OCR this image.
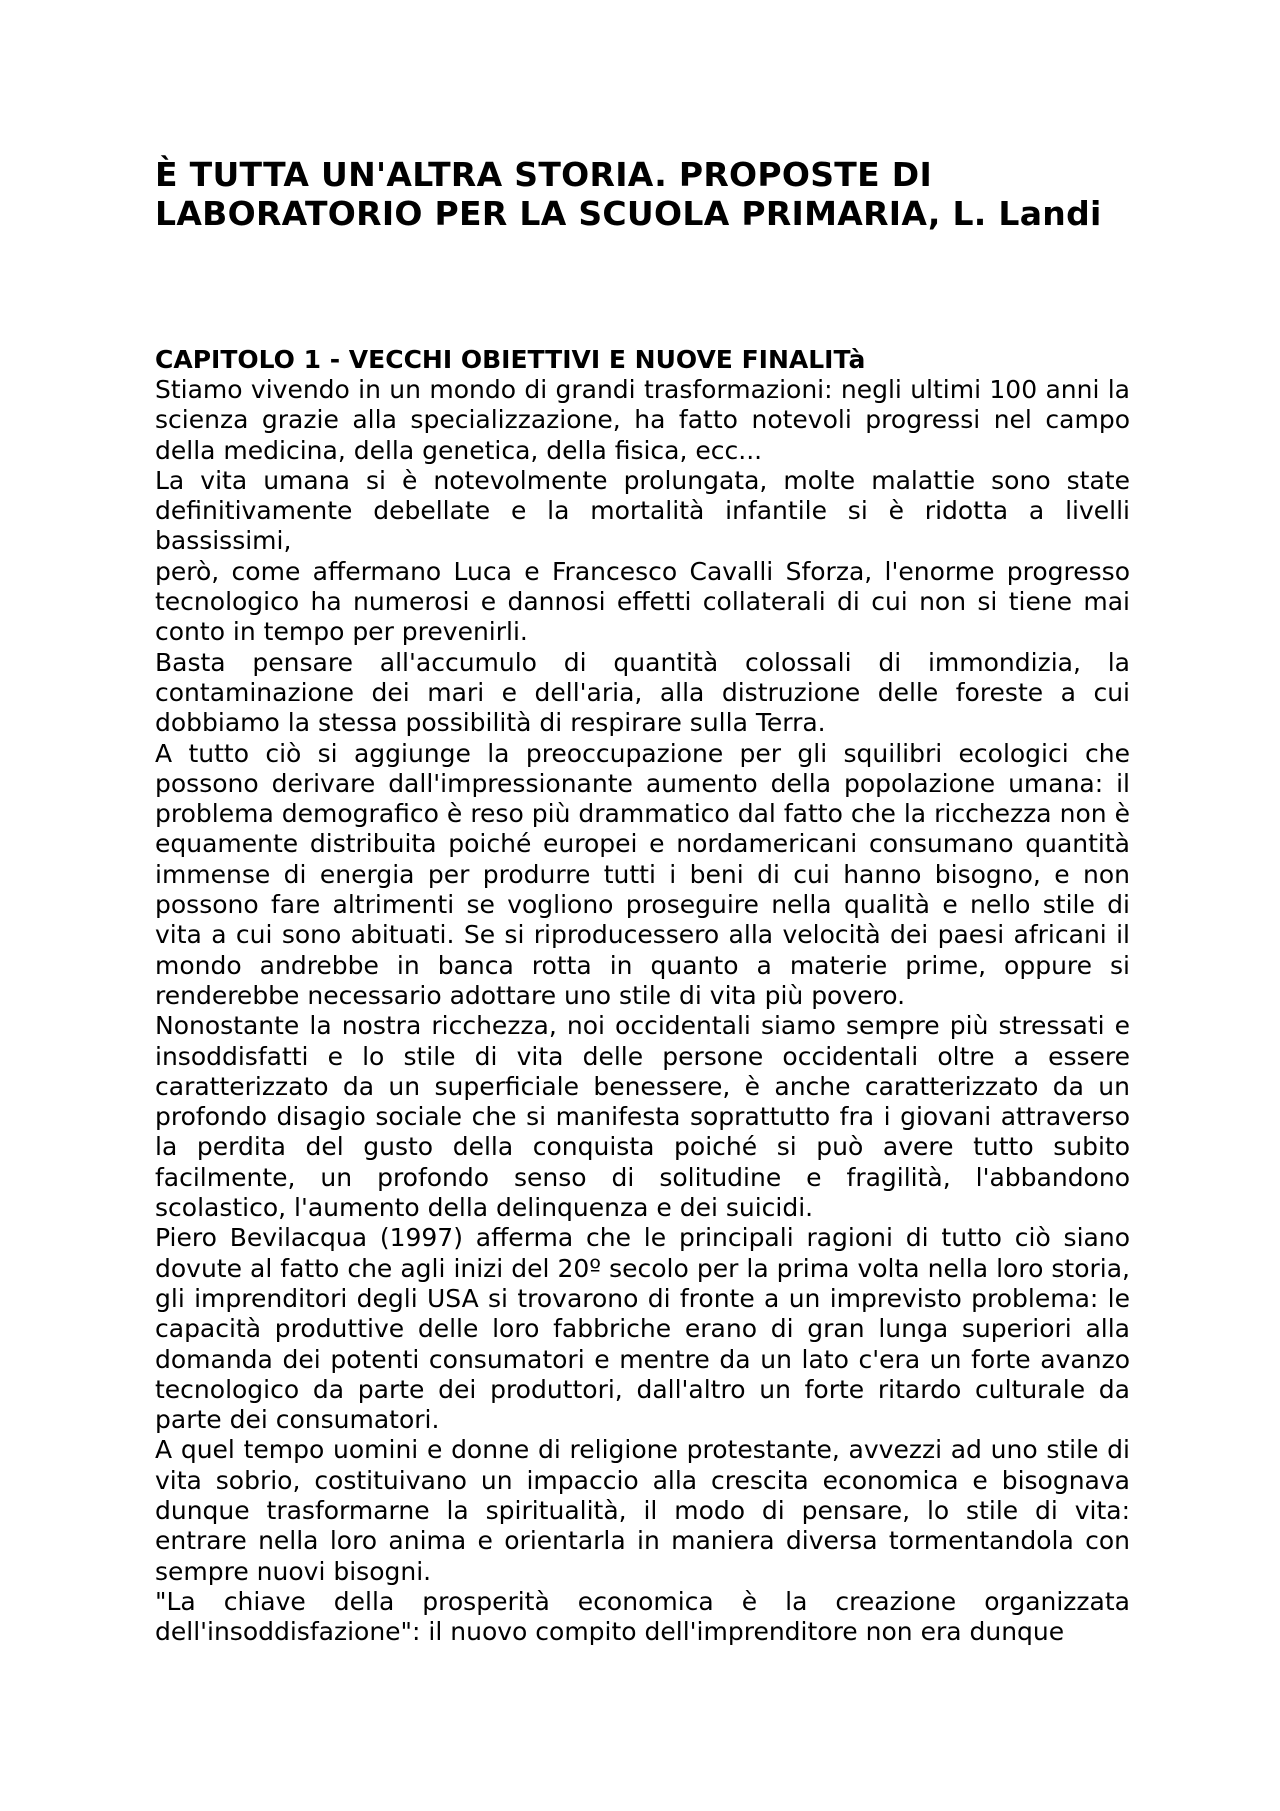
È TUTTA UN'ALTRA STORIA. PROPOSTE DI LABORATORIO PER LA SCUOLA PRIMARIA, L. Landi
CAPITOLO 1 - VECCHI OBIETTIVI E NUOVE FINALITà

Stiamo vivendo in un mondo di grandi trasformazioni: negli ultimi 100 anni la scienza grazie alla specializzazione, ha fatto notevoli progressi nel campo della medicina, della genetica, della fisica, ecc...

La vita umana si è notevolmente prolungata, molte malattie sono state definitivamente debellate e la mortalità infantile si è ridotta a livelli bassissimi,

però, come affermano Luca e Francesco Cavalli Sforza, l'enorme progresso tecnologico ha numerosi e dannosi effetti collaterali di cui non si tiene mai conto in tempo per prevenirli.

Basta pensare all'accumulo di quantità colossali di immondizia, la contaminazione dei mari e dell'aria, alla distruzione delle foreste a cui dobbiamo la stessa possibilità di respirare sulla Terra.

A tutto ciò si aggiunge la preoccupazione per gli squilibri ecologici che possono derivare dall'impressionante aumento della popolazione umana: il problema demografico è reso più drammatico dal fatto che la ricchezza non è equamente distribuita poiché europei e nordamericani consumano quantità immense di energia per produrre tutti i beni di cui hanno bisogno, e non possono fare altrimenti se vogliono proseguire nella qualità e nello stile di vita a cui sono abituati. Se si riproducessero alla velocità dei paesi africani il mondo andrebbe in banca rotta in quanto a materie prime, oppure si renderebbe necessario adottare uno stile di vita più povero.

Nonostante la nostra ricchezza, noi occidentali siamo sempre più stressati e insoddisfatti e lo stile di vita delle persone occidentali oltre a essere caratterizzato da un superficiale benessere, è anche caratterizzato da un profondo disagio sociale che si manifesta soprattutto fra i giovani attraverso la perdita del gusto della conquista poiché si può avere tutto subito facilmente, un profondo senso di solitudine e fragilità, l'abbandono scolastico, l'aumento della delinquenza e dei suicidi.

Piero Bevilacqua (1997) afferma che le principali ragioni di tutto ciò siano dovute al fatto che agli inizi del 20º secolo per la prima volta nella loro storia, gli imprenditori degli USA si trovarono di fronte a un imprevisto problema: le capacità produttive delle loro fabbriche erano di gran lunga superiori alla domanda dei potenti consumatori e mentre da un lato c'era un forte avanzo tecnologico da parte dei produttori, dall'altro un forte ritardo culturale da parte dei consumatori.

A quel tempo uomini e donne di religione protestante, avvezzi ad uno stile di vita sobrio, costituivano un impaccio alla crescita economica e bisognava dunque trasformarne la spiritualità, il modo di pensare, lo stile di vita: entrare nella loro anima e orientarla in maniera diversa tormentandola con sempre nuovi bisogni.

"La chiave della prosperità economica è la creazione organizzata dell'insoddisfazione": il nuovo compito dell'imprenditore non era dunque
